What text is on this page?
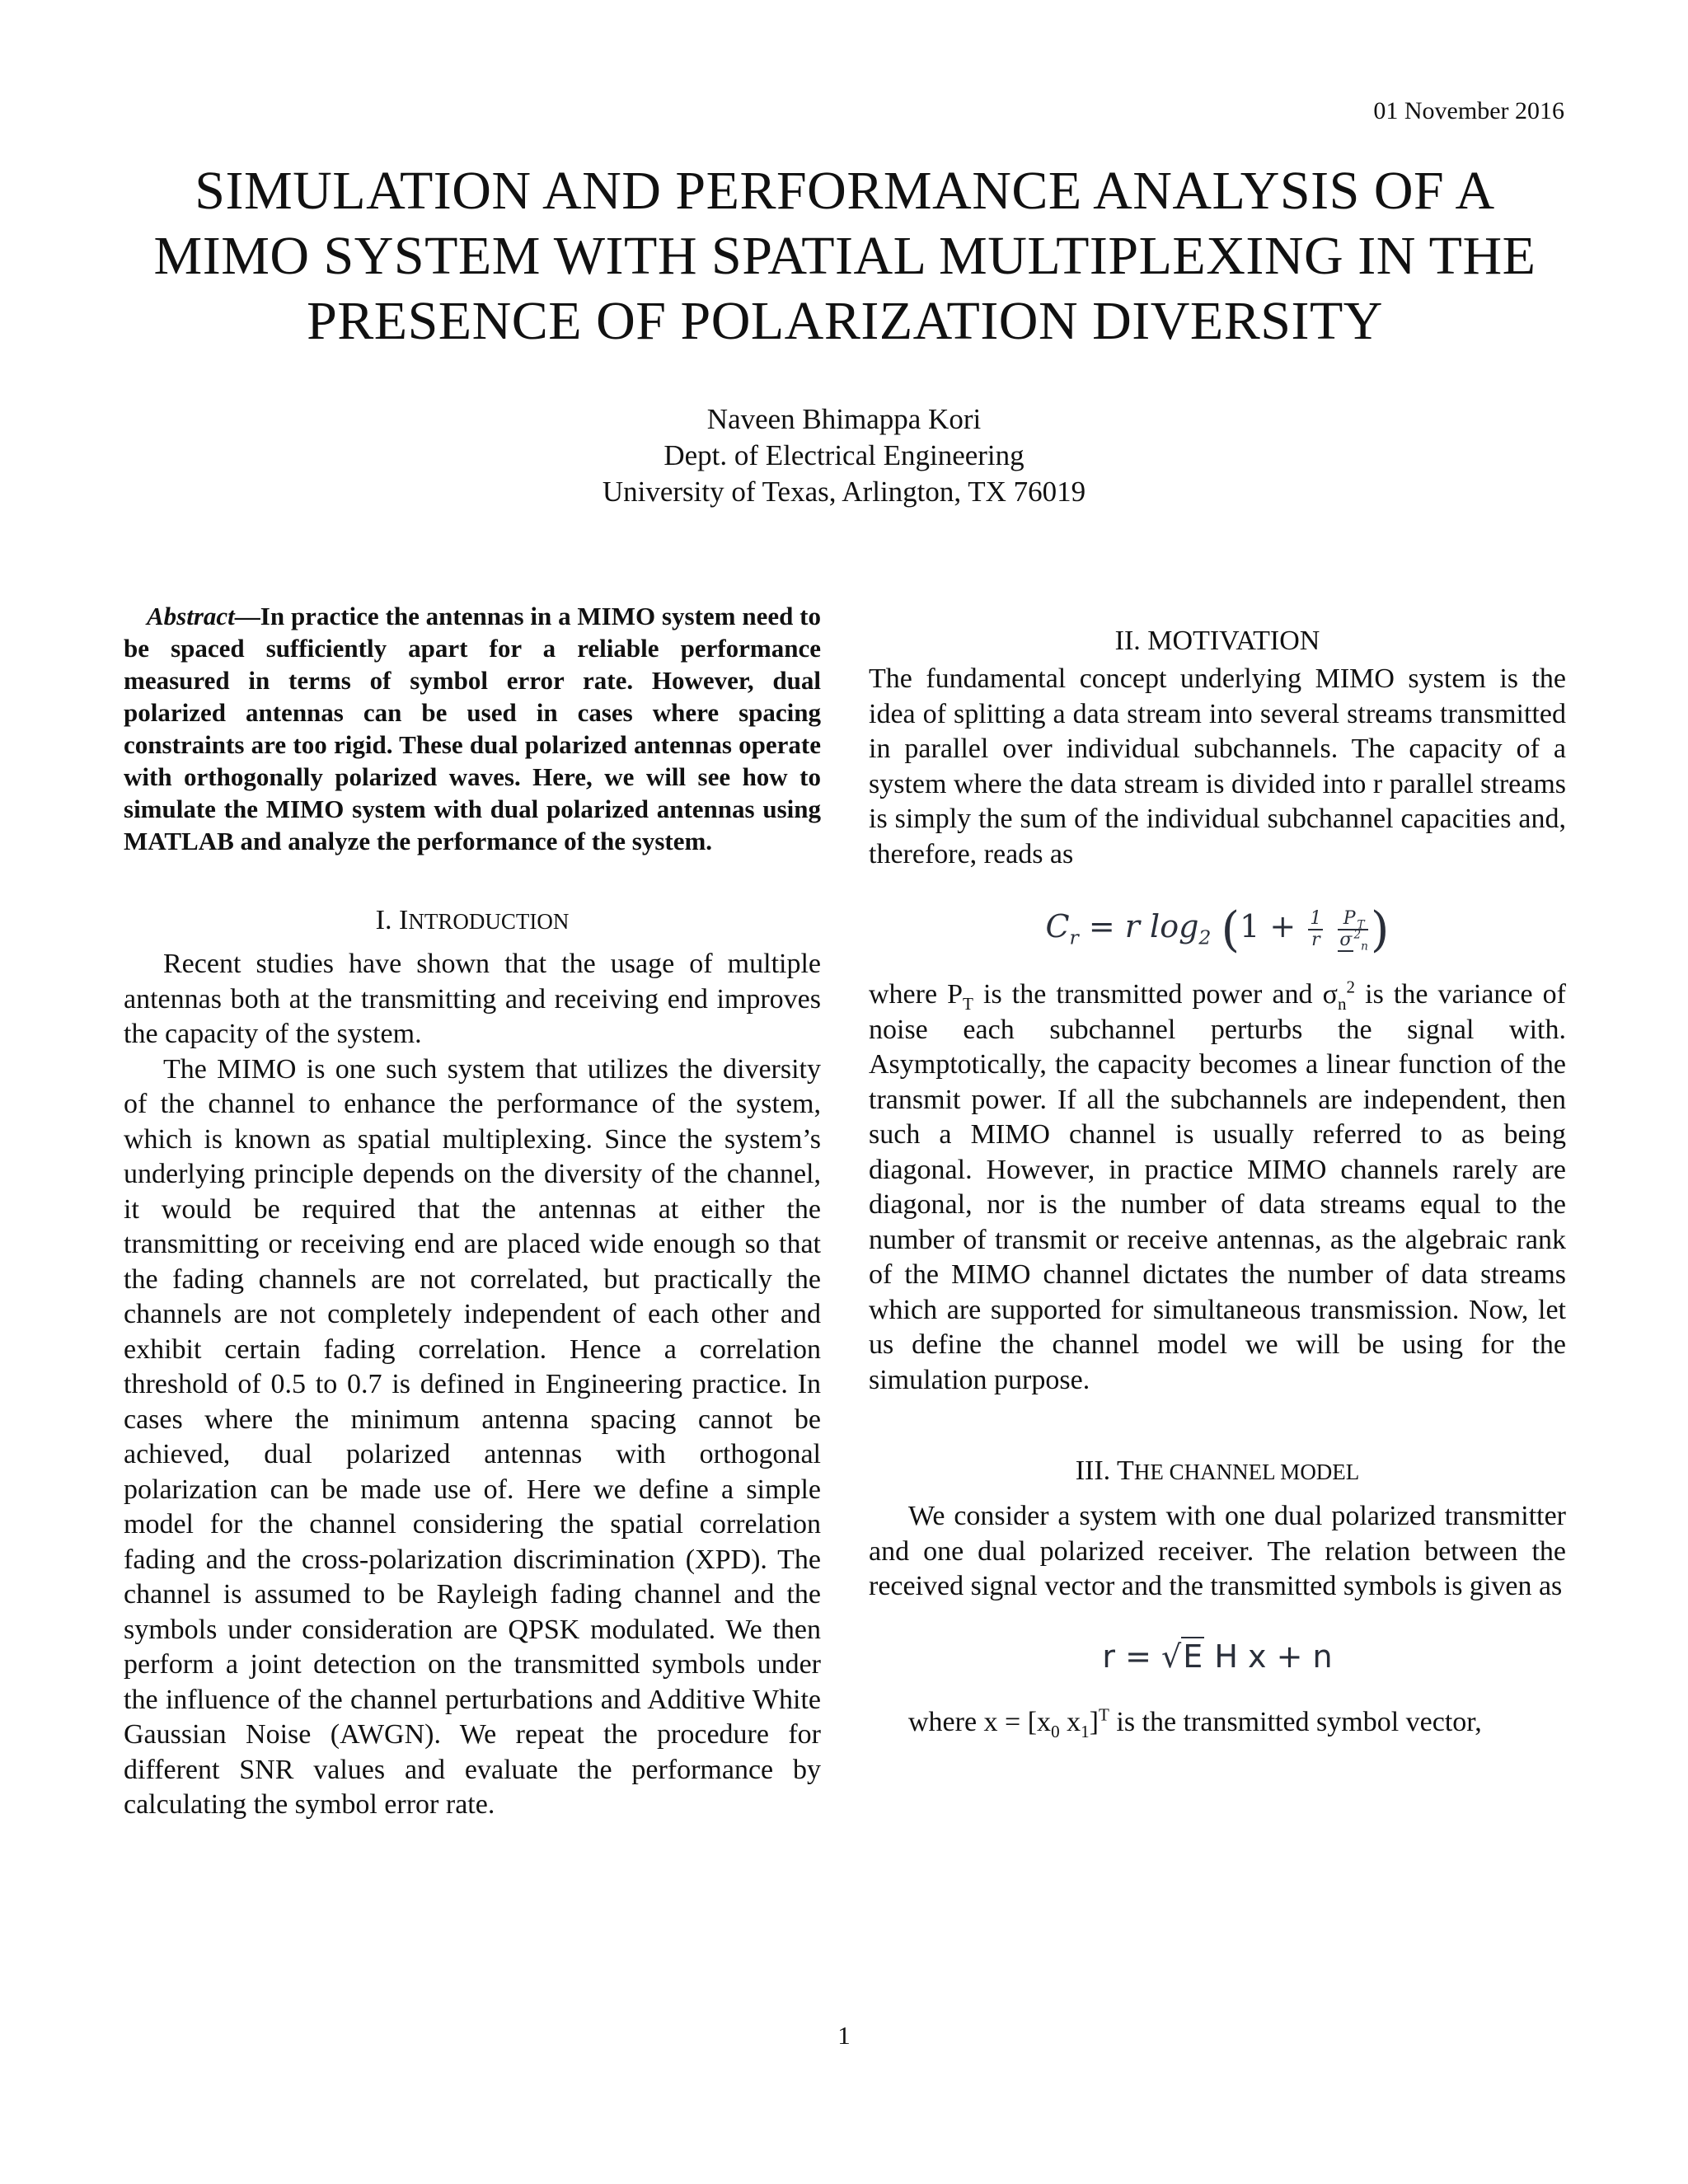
01 November 2016
SIMULATION AND PERFORMANCE ANALYSIS OF A
MIMO SYSTEM WITH SPATIAL MULTIPLEXING IN THE
PRESENCE OF POLARIZATION DIVERSITY
Naveen Bhimappa Kori
Dept. of Electrical Engineering
University of Texas, Arlington, TX 76019

Abstract—In practice the antennas in a MIMO system need to be spaced sufficiently apart for a reliable performance measured in terms of symbol error rate. However, dual polarized antennas can be used in cases where spacing constraints are too rigid. These dual polarized antennas operate with orthogonally polarized waves. Here, we will see how to simulate the MIMO system with dual polarized antennas using MATLAB and analyze the performance of the system.

I. INTRODUCTION

Recent studies have shown that the usage of multiple antennas both at the transmitting and receiving end improves the capacity of the system.

The MIMO is one such system that utilizes the diversity of the channel to enhance the performance of the system, which is known as spatial multiplexing. Since the system’s underlying principle depends on the diversity of the channel, it would be required that the antennas at either the transmitting or receiving end are placed wide enough so that the fading channels are not correlated, but practically the channels are not completely independent of each other and exhibit certain fading correlation. Hence a correlation threshold of 0.5 to 0.7 is defined in Engineering practice. In cases where the minimum antenna spacing cannot be achieved, dual polarized antennas with orthogonal polarization can be made use of. Here we define a simple model for the channel considering the spatial correlation fading and the cross-polarization discrimination (XPD). The channel is assumed to be Rayleigh fading channel and the symbols under consideration are QPSK modulated. We then perform a joint detection on the transmitted symbols under the influence of the channel perturbations and Additive White Gaussian Noise (AWGN). We repeat the procedure for different SNR values and evaluate the performance by calculating the symbol error rate.

II. MOTIVATION

The fundamental concept underlying MIMO system is the idea of splitting a data stream into several streams transmitted in parallel over individual subchannels. The capacity of a system where the data stream is divided into r parallel streams is simply the sum of the individual subchannel capacities and, therefore, reads as

$C_r = r$ $\log_2 (1 + \frac{1}{r}$
$\frac{P _T}{\sigma ^2_n}$ )

where $P_T$ is the transmitted power and $\sigma_n^2$ is the variance of noise each subchannel perturbs the signal with. Asymptotically, the capacity becomes a linear function of the transmit power. If all the subchannels are independent, then such a MIMO channel is usually referred to as being diagonal. However, in practice MIMO channels rarely are diagonal, nor is the number of data streams equal to the number of transmit or receive antennas, as the algebraic rank of the MIMO channel dictates the number of data streams which are supported for simultaneous transmission. Now, let us define the channel model we will be using for the simulation purpose.

III. THE CHANNEL MODEL

We consider a system with one dual polarized transmitter and one dual polarized receiver. The relation between the received signal vector and the transmitted symbols is given as

r = √E H x + n

where $x = [x_0$ $x_1]^T$ is the transmitted symbol vector,

1
